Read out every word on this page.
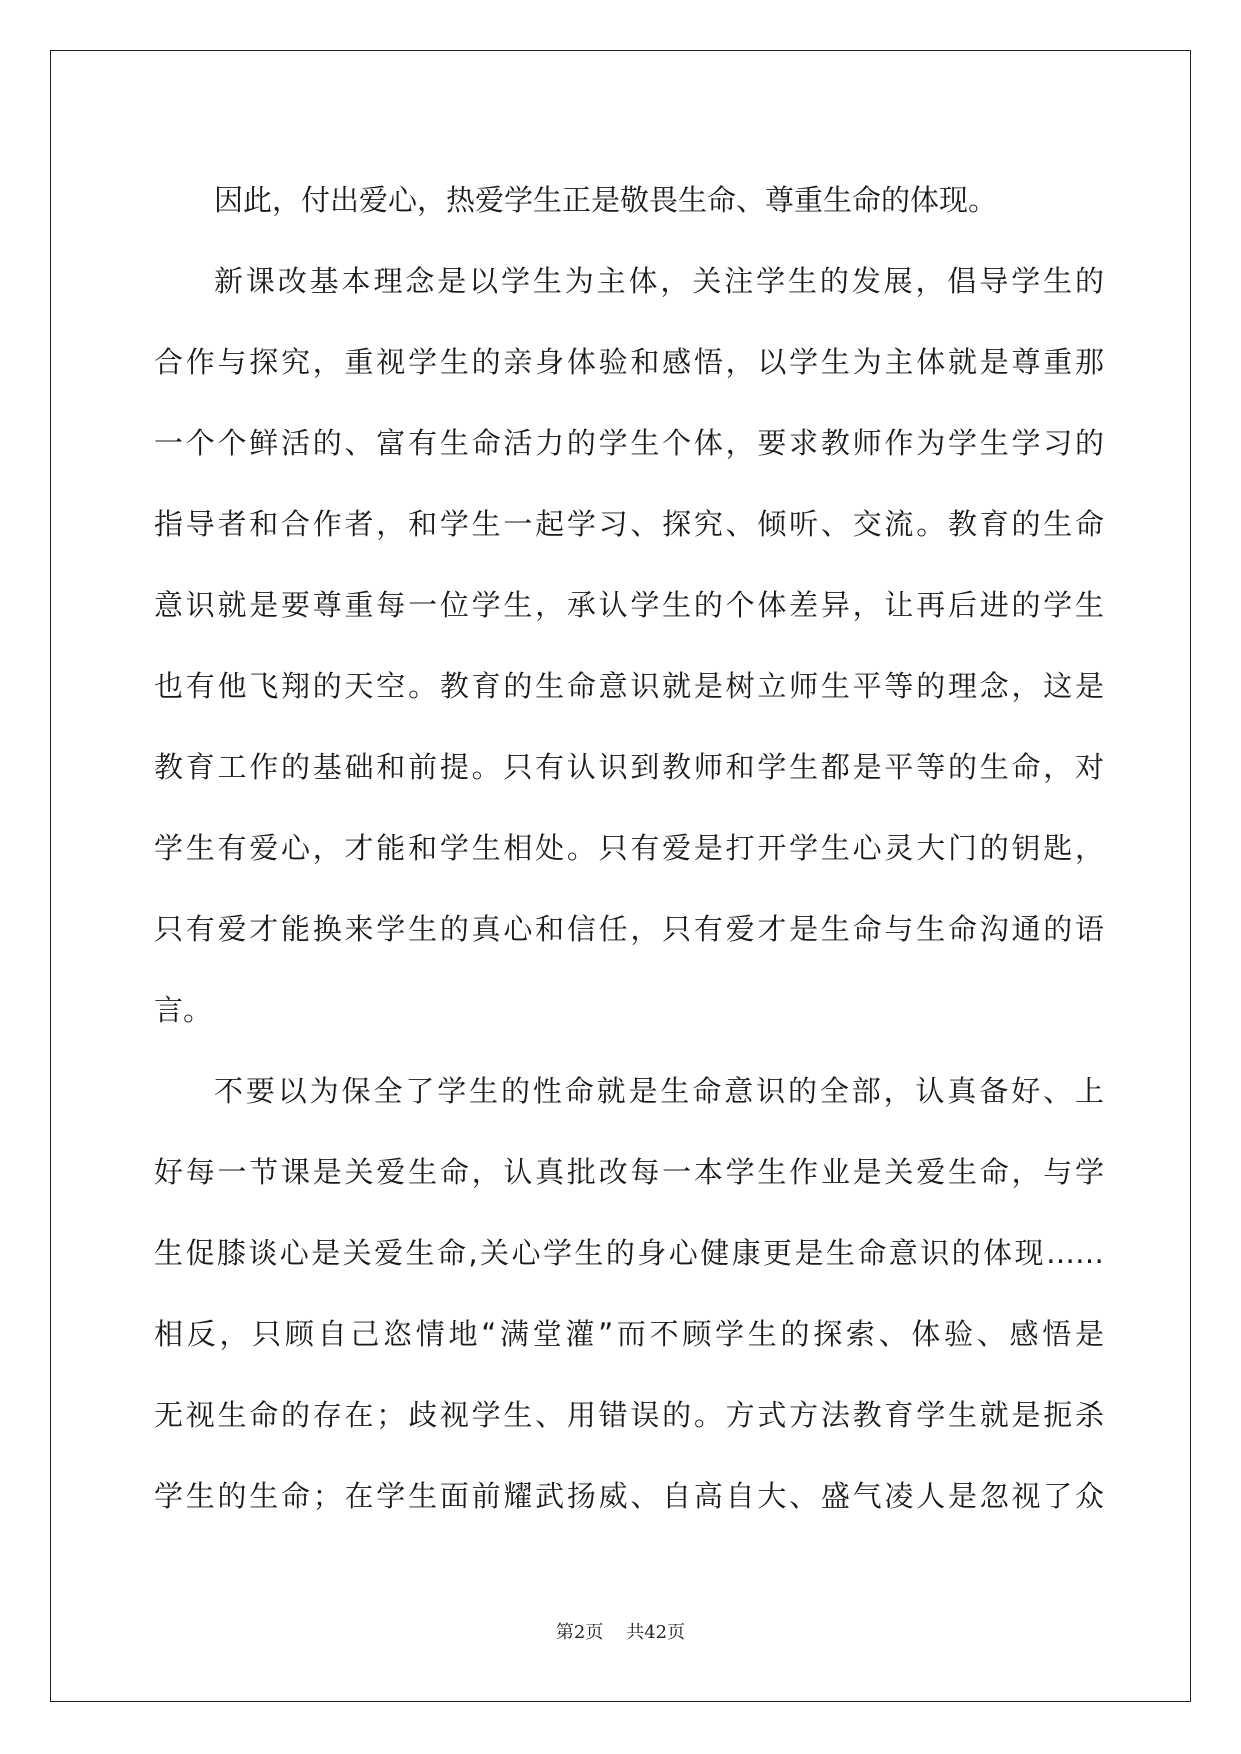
因此，付出爱心，热爱学生正是敬畏生命、尊重生命的体现。
新课改基本理念是以学生为主体，关注学生的发展，倡导学生的
合作与探究，重视学生的亲身体验和感悟，以学生为主体就是尊重那
一个个鲜活的、富有生命活力的学生个体，要求教师作为学生学习的
指导者和合作者，和学生一起学习、探究、倾听、交流。教育的生命
意识就是要尊重每一位学生，承认学生的个体差异，让再后进的学生
也有他飞翔的天空。教育的生命意识就是树立师生平等的理念，这是
教育工作的基础和前提。只有认识到教师和学生都是平等的生命，对
学生有爱心，才能和学生相处。只有爱是打开学生心灵大门的钥匙，
只有爱才能换来学生的真心和信任，只有爱才是生命与生命沟通的语
言。
不要以为保全了学生的性命就是生命意识的全部，认真备好、上
好每一节课是关爱生命，认真批改每一本学生作业是关爱生命，与学
生促膝谈心是关爱生命,关心学生的身心健康更是生命意识的体现……
相反，只顾自己恣情地“满堂灌”而不顾学生的探索、体验、感悟是
无视生命的存在；歧视学生、用错误的。方式方法教育学生就是扼杀
学生的生命；在学生面前耀武扬威、自高自大、盛气凌人是忽视了众
第2页 共42页
